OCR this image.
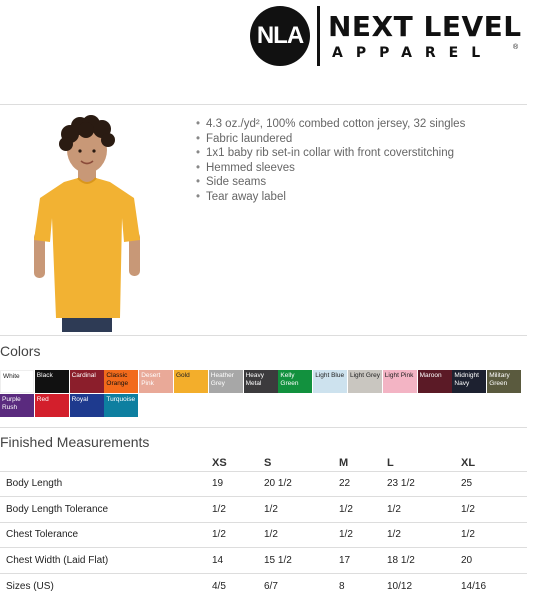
NLA NEXT LEVEL
APPAREL	®
• 4.3 oz./yd², 100% combed cotton jersey, 32 singles
• Fabric laundered
• 1x1 baby rib set-in collar with front coverstitching
• Hemmed sleeves
• Side seams
• Tear away label
Colors
White	Black	Cardinal	Classic Orange
Desert Pink
Gold	Heather Grey
Heavy Metal
Kelly Green
Light Blue Light Grey Light Pink Maroon	Midnight Navy
Military Green
Purple Rush
Red	Royal	Turquoise
Finished Measurements
	XS	S	M	L	XL
Body Length	19	20 1/2	22	23 1/2	25
Body Length Tolerance	1/2	1/2	1/2	1/2	1/2
Chest Tolerance	1/2	1/2	1/2	1/2	1/2
Chest Width (Laid Flat)	14	15 1/2	17	18 1/2	20
Sizes (US)	4/5	6/7	8	10/12	14/16
